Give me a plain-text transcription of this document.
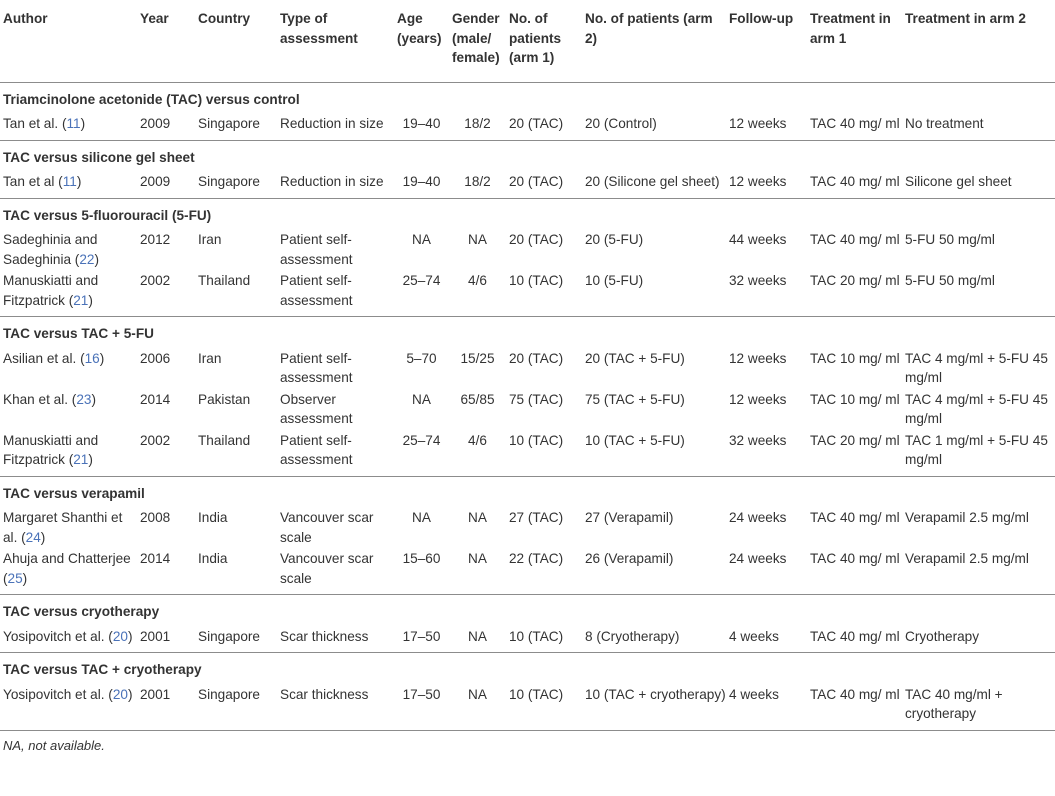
Author	Year	Country	Type of assessment	Age (years)	Gender (male/ female)	No. of patients (arm 1)	No. of patients (arm 2)	Follow-up	Treatment in arm 1	Treatment in arm 2
Triamcinolone acetonide (TAC) versus control										
Tan et al. (11)	2009	Singapore	Reduction in size	19–40	18/2	20 (TAC)	20 (Control)	12 weeks	TAC 40 mg/ ml	No treatment
TAC versus silicone gel sheet										
Tan et al (11)	2009	Singapore	Reduction in size	19–40	18/2	20 (TAC)	20 (Silicone gel sheet)	12 weeks	TAC 40 mg/ ml	Silicone gel sheet
TAC versus 5-fluorouracil (5-FU)										
Sadeghinia and Sadeghinia (22)	2012	Iran	Patient self-assessment	NA	NA	20 (TAC)	20 (5-FU)	44 weeks	TAC 40 mg/ ml	5-FU 50 mg/ml
Manuskiatti and Fitzpatrick (21)	2002	Thailand	Patient self-assessment	25–74	4/6	10 (TAC)	10 (5-FU)	32 weeks	TAC 20 mg/ ml	5-FU 50 mg/ml
TAC versus TAC + 5-FU										
Asilian et al. (16)	2006	Iran	Patient self-assessment	5–70	15/25	20 (TAC)	20 (TAC + 5-FU)	12 weeks	TAC 10 mg/ ml	TAC 4 mg/ml + 5-FU 45 mg/ml
Khan et al. (23)	2014	Pakistan	Observer assessment	NA	65/85	75 (TAC)	75 (TAC + 5-FU)	12 weeks	TAC 10 mg/ ml	TAC 4 mg/ml + 5-FU 45 mg/ml
Manuskiatti and Fitzpatrick (21)	2002	Thailand	Patient self-assessment	25–74	4/6	10 (TAC)	10 (TAC + 5-FU)	32 weeks	TAC 20 mg/ ml	TAC 1 mg/ml + 5-FU 45 mg/ml
TAC versus verapamil										
Margaret Shanthi et al. (24)	2008	India	Vancouver scar scale	NA	NA	27 (TAC)	27 (Verapamil)	24 weeks	TAC 40 mg/ ml	Verapamil 2.5 mg/ml
Ahuja and Chatterjee (25)	2014	India	Vancouver scar scale	15–60	NA	22 (TAC)	26 (Verapamil)	24 weeks	TAC 40 mg/ ml	Verapamil 2.5 mg/ml
TAC versus cryotherapy										
Yosipovitch et al. (20)	2001	Singapore	Scar thickness	17–50	NA	10 (TAC)	8 (Cryotherapy)	4 weeks	TAC 40 mg/ ml	Cryotherapy
TAC versus TAC + cryotherapy										
Yosipovitch et al. (20)	2001	Singapore	Scar thickness	17–50	NA	10 (TAC)	10 (TAC + cryotherapy)	4 weeks	TAC 40 mg/ ml	TAC 40 mg/ml + cryotherapy
NA, not available.
